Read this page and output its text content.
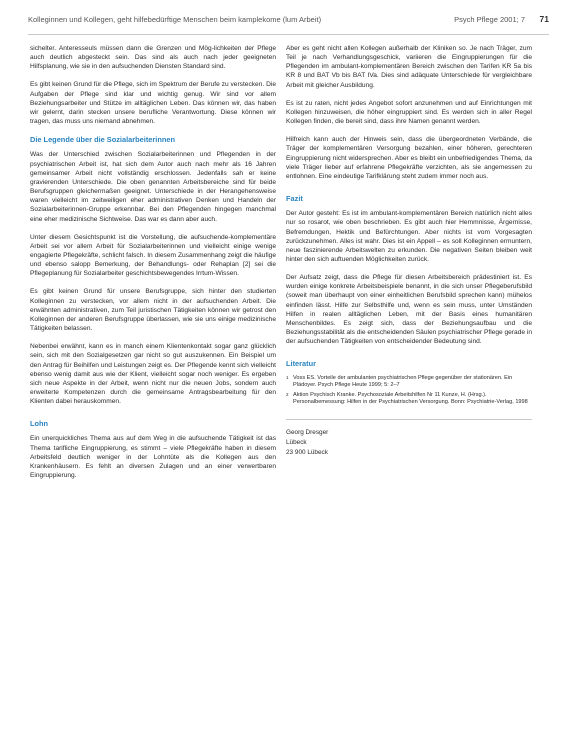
Kolleginnen und Kollegen, geht hilfebedürftige Menschen beim kamplekome (lum Arbeit)	Psych Pflege 2001; 7 71

sichelter. Anteresseuls müssen dann die Grenzen und Mög-lichkeiten der Pflege auch deutlich abgesteckt sein. Das sind als auch nach jeder geeigneten Hilfsplanung, wie sie in den aufsuchenden Diensten Standard sind.

Es gibt keinen Grund für die Pflege, sich im Spektrum der Berufe zu verstecken. Die Aufgaben der Pflege sind klar und wichtig genug. Wir sind vor allem Beziehungsarbeiter und Stütze im alltäglichen Leben. Das können wir, das haben wir gelernt, darin stecken unsere berufliche Verantwortung. Diese können wir tragen, das muss uns niemand abnehmen.

Die Legende über die Sozialarbeiterinnen

Was der Unterschied zwischen Sozialarbeiterinnen und Pflegenden in der psychiatrischen Arbeit ist, hat sich dem Autor auch nach mehr als 16 Jahren gemeinsamer Arbeit nicht vollständig erschlossen. Jedenfalls sah er keine gravierenden Unterschiede. Die oben genannten Arbeitsbereiche sind für beide Berufsgruppen gleichermaßen geeignet. Unterschiede in der Herangehensweise waren vielleicht im zeitweiligen eher administrativen Denken und Handeln der Sozialarbeiterinnen-Gruppe erkennbar. Bei den Pflegenden hingegen manchmal eine eher medizinische Sichtweise. Das war es dann aber auch.

Unter diesem Gesichtspunkt ist die Vorstellung, die aufsuchende-komplementäre Arbeit sei vor allem Arbeit für Sozialarbeiterinnen und vielleicht einige wenige engagierte Pflegekräfte, schlicht falsch. In diesem Zusammenhang zeigt die häufige und ebenso salopp Bemerkung, der Behandlungs- oder Rehaplan [2] sei die Pflegeplanung für Sozialarbeiter geschichtsbewegendes Irrtum-Wissen.

Es gibt keinen Grund für unsere Berufsgruppe, sich hinter den studierten Kolleginnen zu verstecken, vor allem nicht in der aufsuchenden Arbeit. Die erwähnten administrativen, zum Teil juristischen Tätigkeiten können wir getrost den Kolleginnen der anderen Berufsgruppe überlassen, wie sie uns einige medizinische Tätigkeiten belassen.

Nebenbei erwähnt, kann es in manch einem Klientenkontakt sogar ganz glücklich sein, sich mit den Sozialgesetzen gar nicht so gut auszukennen. Ein Beispiel um den Antrag für Beihilfen und Leistungen zeigt es. Der Pflegende kennt sich vielleicht ebenso wenig damit aus wie der Klient, vielleicht sogar noch weniger. Es ergeben sich neue Aspekte in der Arbeit, wenn nicht nur die neuen Jobs, sondern auch erweiterte Kompetenzen durch die gemeinsame Antragsbearbeitung für den Klienten dabei herauskommen.

Lohn

Ein unerquickliches Thema aus auf dem Weg in die aufsuchende Tätigkeit ist das Thema tarifliche Eingruppierung, es stimmt – viele Pflegekräfte haben in diesem Arbeitsfeld deutlich weniger in der Lohntüte als die Kollegen aus den Krankenhäusern. Es fehlt an diversen Zulagen und an einer verwertbaren Eingruppierung.

Aber es geht nicht allen Kollegen außerhalb der Kliniken so. Je nach Träger, zum Teil je nach Verhandlungsgeschick, variieren die Eingruppierungen für die Pflegenden im ambulant-komplementären Bereich zwischen den Tarifen KR 5a bis KR 8 und BAT Vb bis BAT IVa. Dies sind adäquate Unterschiede für vergleichbare Arbeit mit gleicher Ausbildung.

Es ist zu raten, nicht jedes Angebot sofort anzunehmen und auf Einrichtungen mit Kollegen hinzuweisen, die höher eingruppiert sind. Es werden sich in aller Regel Kollegen finden, die bereit sind, dass ihre Namen genannt werden.

Hilfreich kann auch der Hinweis sein, dass die übergeordneten Verbände, die Träger der komplementären Versorgung bezahlen, einer höheren, gerechteren Eingruppierung nicht widersprechen. Aber es bleibt ein unbefriedigendes Thema, da viele Träger lieber auf erfahrene Pflegekräfte verzichten, als sie angemessen zu entlohnen. Eine eindeutige Tarifklärung steht zudem immer noch aus.

Fazit

Der Autor gesteht: Es ist im ambulant-komplementären Bereich natürlich nicht alles nur so rosarot, wie oben beschrieben. Es gibt auch hier Hemmnisse, Ärgernisse, Befremdungen, Hektik und Befürchtungen. Aber nichts ist vom Vorgesagten zurückzunehmen. Alles ist wahr. Dies ist ein Appell – es soll Kolleginnen ermuntern, neue faszinierende Arbeitswelten zu erkunden. Die negativen Seiten bleiben weit hinter den sich auftuenden Möglichkeiten zurück.

Der Aufsatz zeigt, dass die Pflege für diesen Arbeitsbereich prädestiniert ist. Es wurden einige konkrete Arbeitsbeispiele benannt, in die sich unser Pflegeberufsbild (soweit man überhaupt von einer einheitlichen Berufsbild sprechen kann) mühelos einfinden lässt. Hilfe zur Selbsthilfe und, wenn es sein muss, unter Umständen Hilfen in realen alltäglichen Leben, mit der Basis eines humanitären Menschenbildes. Es zeigt sich, dass der Beziehungsaufbau und die Beziehungsstabilität als die entscheidenden Säulen psychiatrischer Pflege gerade in der aufsuchenden Tätigkeiten von entscheidender Bedeutung sind.

Literatur
1 Voss ES. Vorteile der ambulanten psychiatrischen Pflege gegenüber der stationären. Ein Plädoyer. Psych Pflege Heute 1999; 5: 2–7
2 Aktion Psychisch Kranke. Psychosoziale Arbeitshilfen Nr 11 Kunze, H. (Hrsg.). Personalbemessung: Hilfen in der Psychiatrischen Versorgung. Bonn: Psychiatrie-Verlag, 1998
Georg Dresger
Lübeck
23 900 Lübeck
